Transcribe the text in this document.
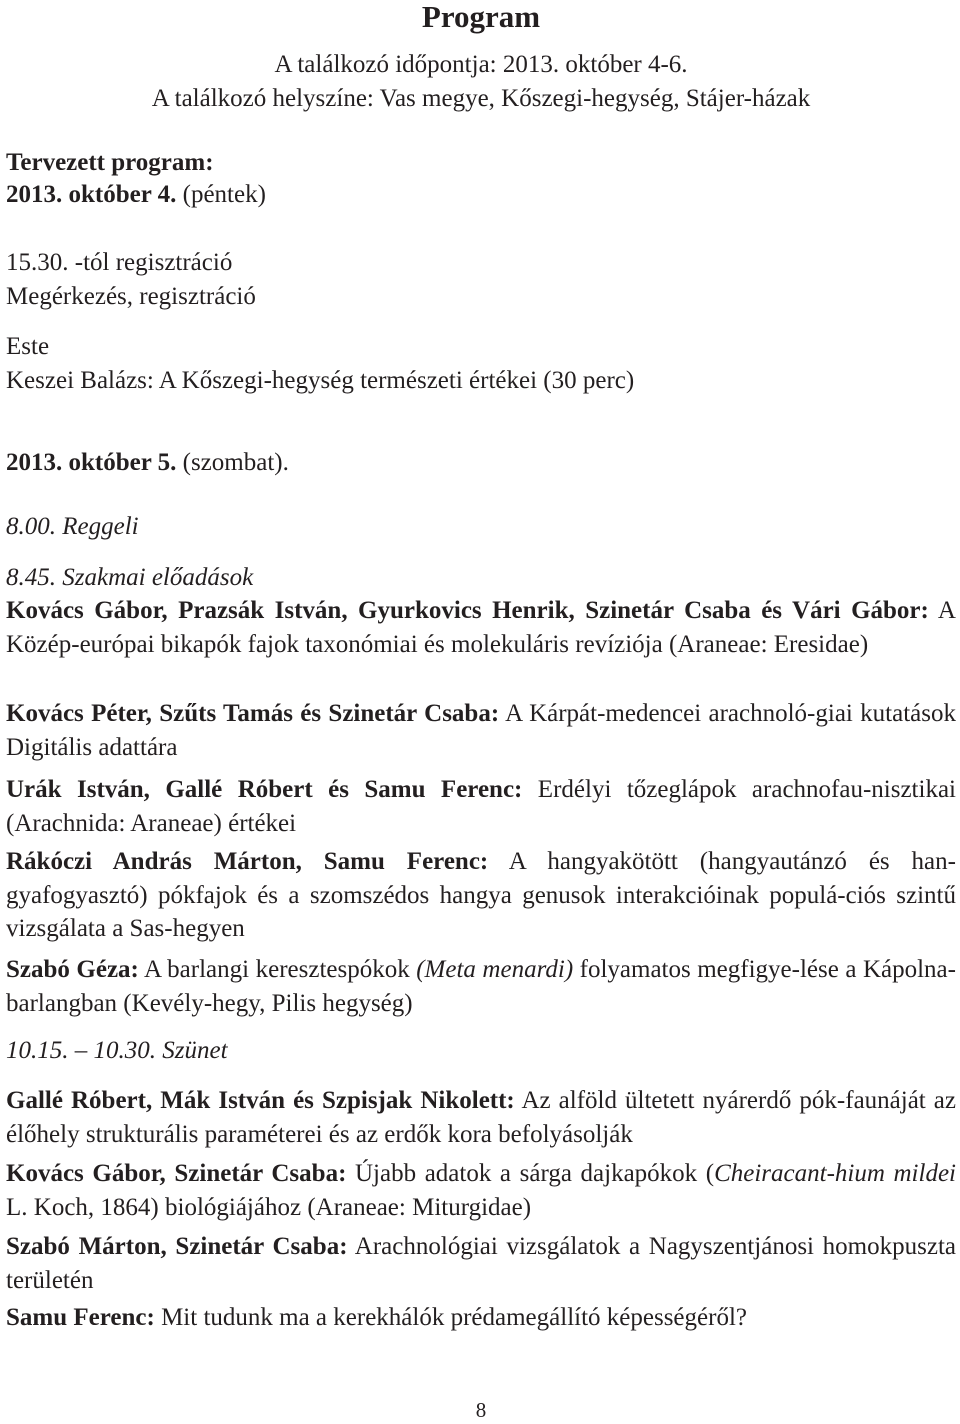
Program
A találkozó időpontja: 2013. október 4-6.
A találkozó helyszíne: Vas megye, Kőszegi-hegység, Stájer-házak
Tervezett program:
2013. október 4. (péntek)
15.30. -tól regisztráció
Megérkezés, regisztráció
Este
Keszei Balázs: A Kőszegi-hegység természeti értékei (30 perc)
2013. október 5. (szombat).
8.00. Reggeli
8.45. Szakmai előadások
Kovács Gábor, Prazsák István, Gyurkovics Henrik, Szinetár Csaba és Vári Gábor: A Közép-európai bikapók fajok taxonómiai és molekuláris revíziója (Araneae: Eresidae)
Kovács Péter, Szűts Tamás és Szinetár Csaba: A Kárpát-medencei arachnoló-giai kutatások Digitális adattára
Urák István, Gallé Róbert és Samu Ferenc: Erdélyi tőzeglápok arachnofau-nisztikai (Arachnida: Araneae) értékei
Rákóczi András Márton, Samu Ferenc: A hangyakötött (hangyautánzó és han-gyafogyasztó) pókfajok és a szomszédos hangya genusok interakcióinak populá-ciós szintű vizsgálata a Sas-hegyen
Szabó Géza: A barlangi keresztespókok (Meta menardi) folyamatos megfigye-lése a Kápolna-barlangban (Kevély-hegy, Pilis hegység)
10.15. – 10.30. Szünet
Gallé Róbert, Mák István és Szpisjak Nikolett: Az alföld ültetett nyárerdő pók-faunáját az élőhely strukturális paraméterei és az erdők kora befolyásolják
Kovács Gábor, Szinetár Csaba: Újabb adatok a sárga dajkapókok (Cheiracant-hium mildei L. Koch, 1864) biológiájához (Araneae: Miturgidae)
Szabó Márton, Szinetár Csaba: Arachnológiai vizsgálatok a Nagyszentjánosi homokpuszta területén
Samu Ferenc: Mit tudunk ma a kerekhálók prédamegállító képességéről?
8
